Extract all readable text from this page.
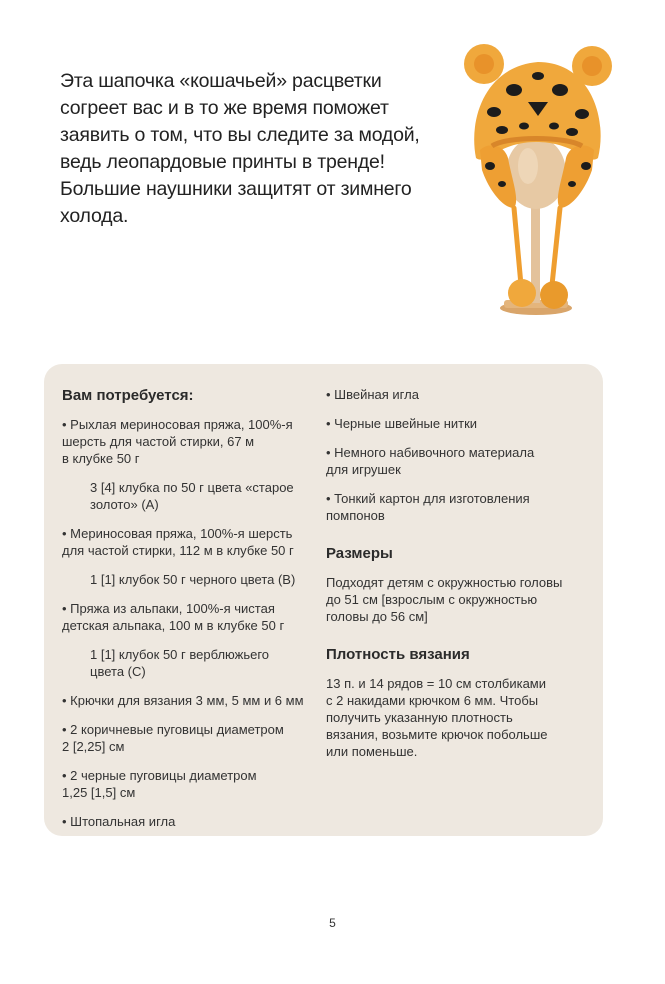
Эта шапочка «кошачьей» расцветки
согреет вас и в то же время поможет
заявить о том, что вы следите за модой,
ведь леопардовые принты в тренде!
Большие наушники защитят от зимнего
холода.

Вам потребуется:
• Рыхлая мериносовая пряжа, 100%-я
шерсть для частой стирки, 67 м
в клубке 50 г
3 [4] клубка по 50 г цвета «старое
золото» (А)
• Мериносовая пряжа, 100%-я шерсть
для частой стирки, 112 м в клубке 50 г
1 [1] клубок 50 г черного цвета (В)
• Пряжа из альпаки, 100%-я чистая
детская альпака, 100 м в клубке 50 г
1 [1] клубок 50 г верблюжьего
цвета (С)
• Крючки для вязания 3 мм, 5 мм и 6 мм
• 2 коричневые пуговицы диаметром
2 [2,25] см
• 2 черные пуговицы диаметром
1,25 [1,5] см
• Штопальная игла
• Швейная игла
• Черные швейные нитки
• Немного набивочного материала
для игрушек
• Тонкий картон для изготовления
помпонов
Размеры
Подходят детям с окружностью головы
до 51 см [взрослым с окружностью
головы до 56 см]
Плотность вязания
13 п. и 14 рядов = 10 см столбиками
с 2 накидами крючком 6 мм. Чтобы
получить указанную плотность
вязания, возьмите крючок побольше
или поменьше.
5
